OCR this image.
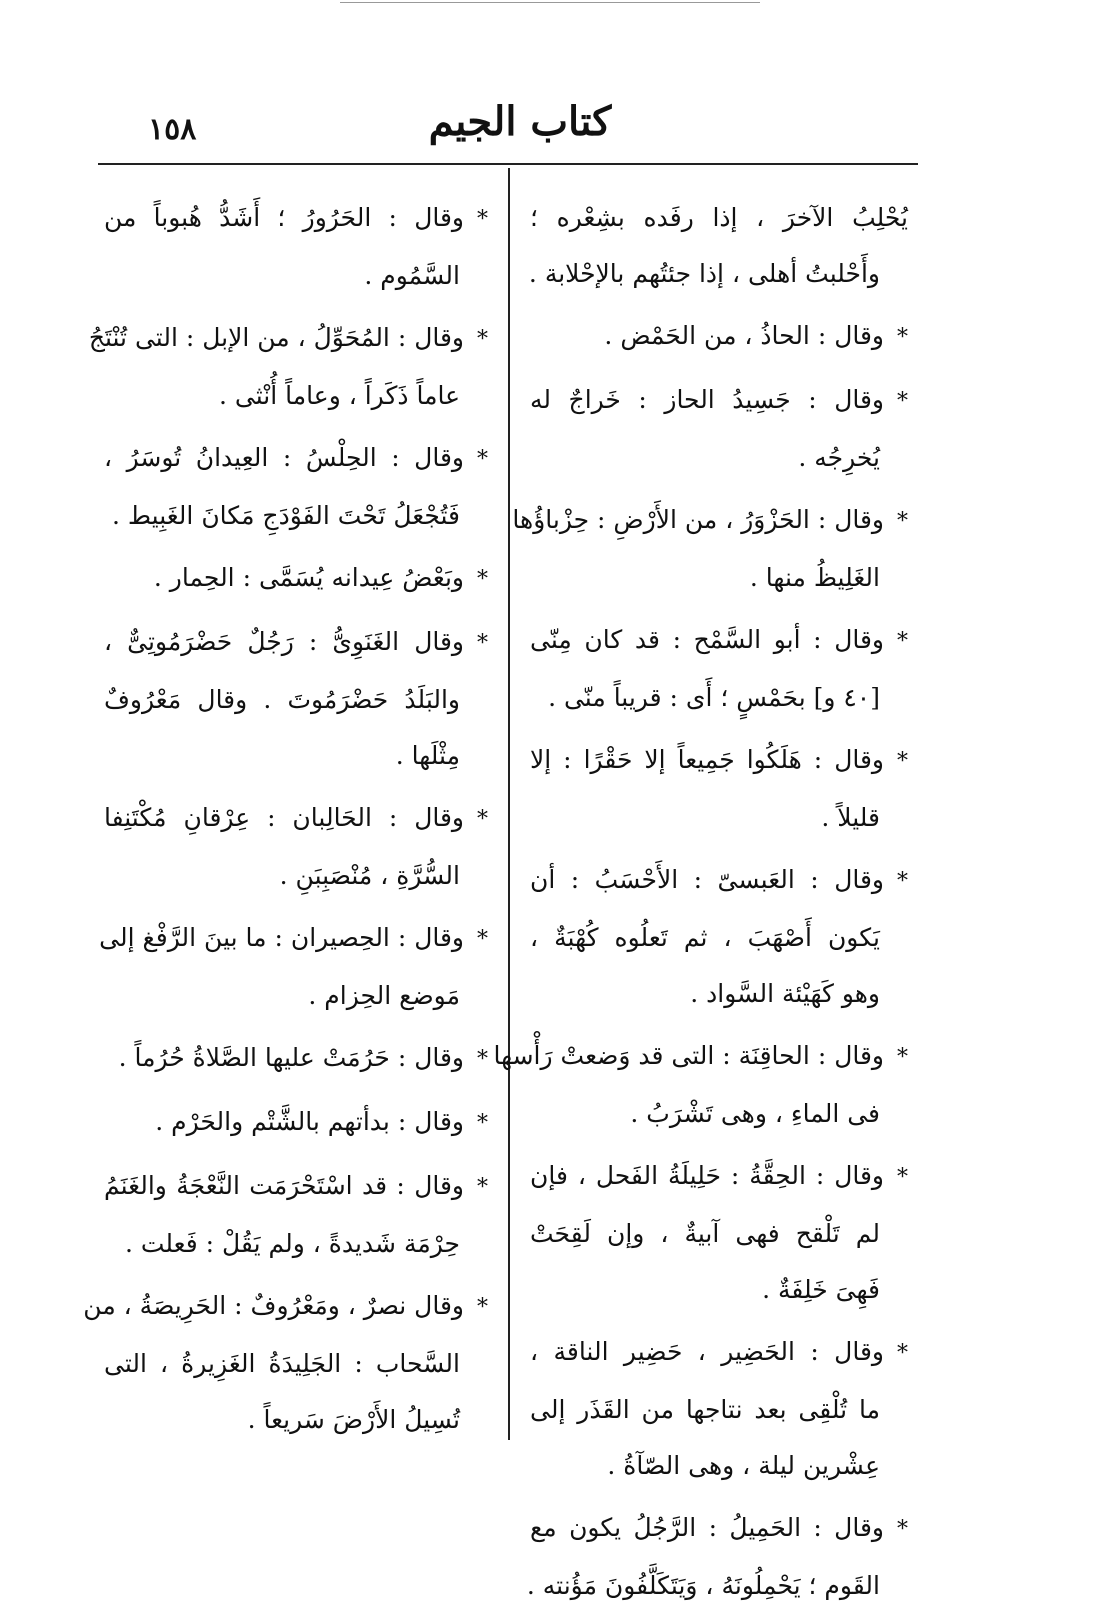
١٥٨	كتاب الجيم
يُحْلِبُ الآخرَ ، إذا رفَده بشِعْره ؛
وأَحْلبتُ أهلى ، إذا جئتُهم بالإحْلابة .
*وقال : الحاذُ ، من الحَمْض .
*وقال : جَسِيدُ الحاز : خَراجٌ له
يُخرِجُه .
*وقال : الحَزْوَرُ ، من الأَرْضِ : حِزْباؤُها
الغَلِيظُ منها .
*وقال : أبو السَّمْح : قد كان مِنّى
[٤٠ و] بحَمْسٍ ؛ أَى : قريباً منّى .
*وقال : هَلَكُوا جَمِيعاً إلا حَقْرًا : إلا
قليلاً .
*وقال : العَبسىّ : الأَحْسَبُ : أن
يَكون أَصْهَبَ ، ثم تَعلُوه كُهْبَةٌ ،
وهو كَهَيْئة السَّواد .
*وقال : الحاقِنَة : التى قد وَضعتْ رَأْسها
فى الماءِ ، وهى تَشْرَبُ .
*وقال : الحِقَّةُ : حَلِيلَةُ الفَحل ، فإن
لم تَلْقح فهى آبيةٌ ، وإن لَقِحَتْ
فَهِىَ خَلِفَةٌ .
*وقال : الحَضِير ، حَضِير الناقة ،
ما تُلْقِى بعد نتاجها من القَذَر إلى
عِشْرين ليلة ، وهى الصّآةُ .
*وقال : الحَمِيلُ : الرَّجُلُ يكون مع
القَوم ؛ يَحْمِلُونَهُ ، وَيَتَكَلَّفُونَ مَؤُنته .
*وقال : الحَرُورُ ؛ أَشَدُّ هُبوباً من
السَّمُوم .
*وقال : المُحَوِّلُ ، من الإبل : التى تُنْتَجُ
عاماً ذَكَراً ، وعاماً أُنْثى .
*وقال : الحِلْسُ : العِيدانُ تُوسَرُ ،
فَتُجْعَلُ تَحْتَ الفَوْدَجِ مَكانَ الغَبِيط .
*وبَعْضُ عِيدانه يُسَمَّى : الحِمار .
*وقال الغَنَوِىُّ : رَجُلٌ حَضْرَمُوتِىٌّ ،
والبَلَدُ حَضْرَمُوتَ . وقال مَعْرُوفٌ
مِثْلَها .
*وقال : الحَالِبان : عِرْقانِ مُكْتَنِفا
السُّرَّةِ ، مُنْصَبِبَنِ .
*وقال : الحِصيران : ما بينَ الرَّفْغ إلى
مَوضع الحِزام .
*وقال : حَرُمَتْ عليها الصَّلاةُ حُرُماً .
*وقال : بدأتهم بالشَّتْم والحَرْم .
*وقال : قد اسْتَحْرَمَت النَّعْجَةُ والغَنَمُ
حِرْمَة شَديدةً ، ولم يَقُلْ : فَعلت .
*وقال نصرٌ ، ومَعْرُوفٌ : الحَرِيصَةُ ، من
السَّحاب : الجَلِيدَةُ الغَزِيرةُ ، التى
تُسِيلُ الأَرْضَ سَريعاً .
